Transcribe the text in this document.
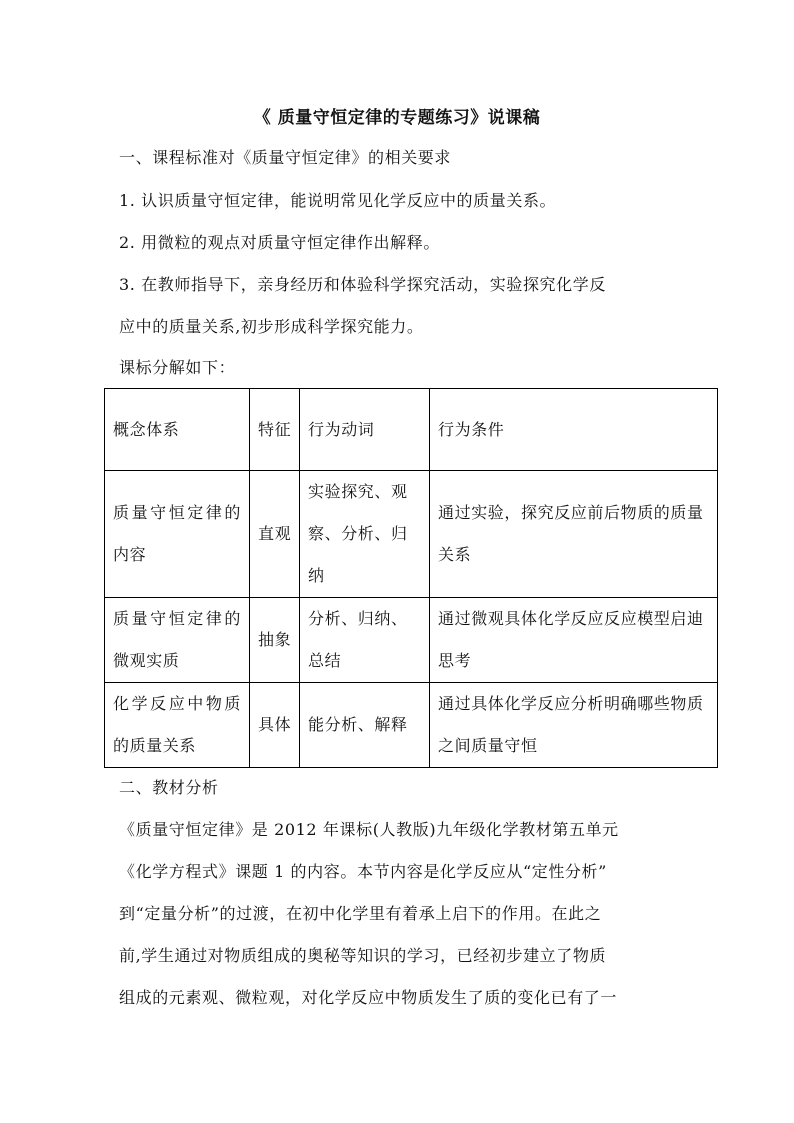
《 质量守恒定律的专题练习》说课稿
一、课程标准对《质量守恒定律》的相关要求
1. 认识质量守恒定律，能说明常见化学反应中的质量关系。
2. 用微粒的观点对质量守恒定律作出解释。
3. 在教师指导下，亲身经历和体验科学探究活动，实验探究化学反
应中的质量关系,初步形成科学探究能力。
课标分解如下：
概念体系	特征	行为动词	行为条件
质量守恒定律的内容	直观	实验探究、观察、分析、归纳	通过实验，探究反应前后物质的质量关系
质量守恒定律的微观实质	抽象	分析、归纳、总结	通过微观具体化学反应反应模型启迪思考
化学反应中物质的质量关系	具体	能分析、解释	通过具体化学反应分析明确哪些物质之间质量守恒
二、教材分析
《质量守恒定律》是 2012 年课标(人教版)九年级化学教材第五单元
《化学方程式》课题 1 的内容。本节内容是化学反应从“定性分析”
到“定量分析”的过渡，在初中化学里有着承上启下的作用。在此之
前,学生通过对物质组成的奥秘等知识的学习，已经初步建立了物质
组成的元素观、微粒观，对化学反应中物质发生了质的变化已有了一
